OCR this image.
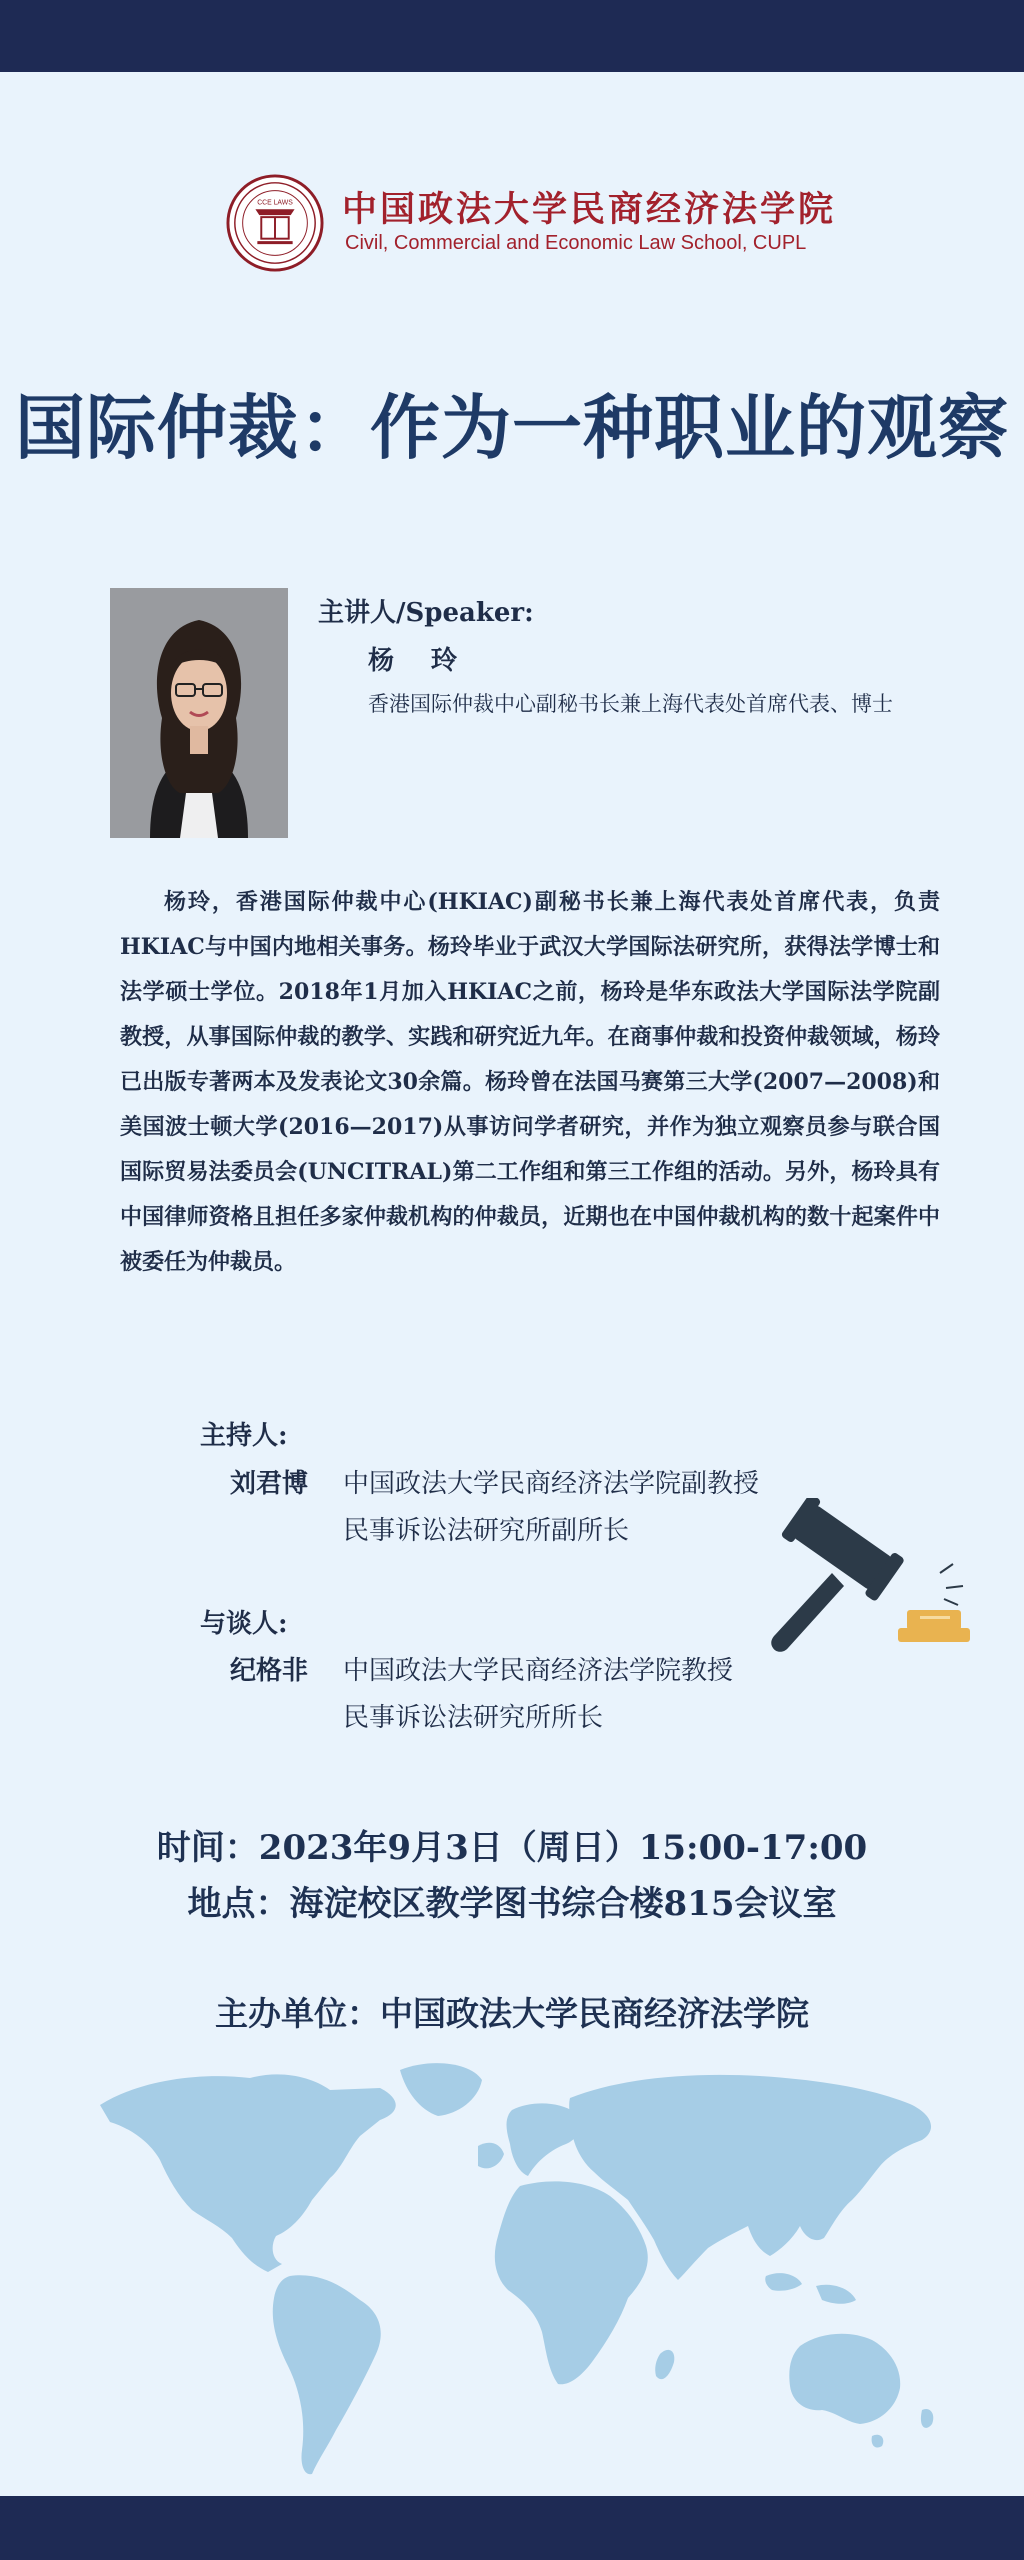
CCE LAWS 中国政法大学民商经济法学院
Civil, Commercial and Economic Law School, CUPL
国际仲裁：作为一种职业的观察
主讲人/Speaker:
杨 玲
香港国际仲裁中心副秘书长兼上海代表处首席代表、博士

杨玲，香港国际仲裁中心(HKIAC)副秘书长兼上海代表处首席代表，负责HKIAC与中国内地相关事务。杨玲毕业于武汉大学国际法研究所，获得法学博士和法学硕士学位。2018年1月加入HKIAC之前，杨玲是华东政法大学国际法学院副教授，从事国际仲裁的教学、实践和研究近九年。在商事仲裁和投资仲裁领域，杨玲已出版专著两本及发表论文30余篇。杨玲曾在法国马赛第三大学(2007—2008)和美国波士顿大学(2016—2017)从事访问学者研究，并作为独立观察员参与联合国国际贸易法委员会(UNCITRAL)第二工作组和第三工作组的活动。另外，杨玲具有中国律师资格且担任多家仲裁机构的仲裁员，近期也在中国仲裁机构的数十起案件中被委任为仲裁员。

主持人:
刘君博 中国政法大学民商经济法学院副教授
民事诉讼法研究所副所长
与谈人:
纪格非 中国政法大学民商经济法学院教授
民事诉讼法研究所所长
时间：2023年9月3日（周日）15:00-17:00
地点：海淀校区教学图书综合楼815会议室
主办单位：中国政法大学民商经济法学院
